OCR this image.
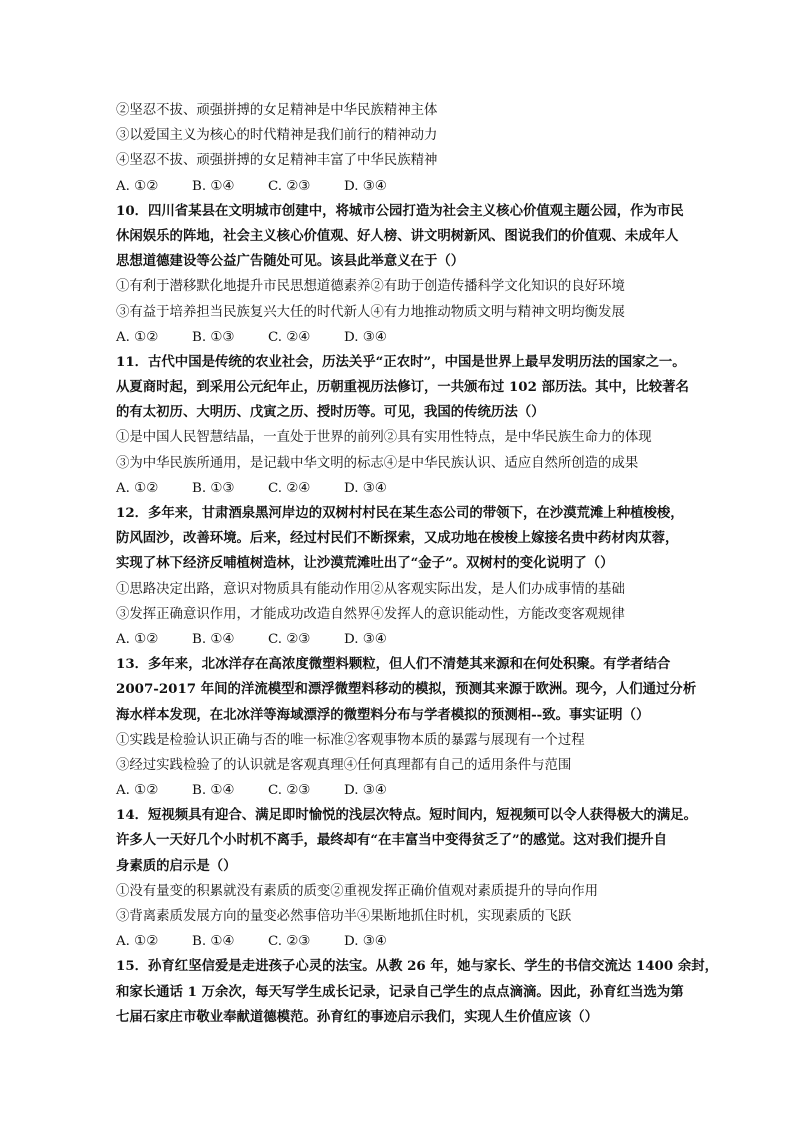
②坚忍不拔、顽强拼搏的女足精神是中华民族精神主体
③以爱国主义为核心的时代精神是我们前行的精神动力
④坚忍不拔、顽强拼搏的女足精神丰富了中华民族精神
A. ①②	B. ①④	C. ②③	D. ③④
10．四川省某县在文明城市创建中，将城市公园打造为社会主义核心价值观主题公园，作为市民
休闲娱乐的阵地，社会主义核心价值观、好人榜、讲文明树新风、图说我们的价值观、未成年人
思想道德建设等公益广告随处可见。该县此举意义在于（）
①有利于潜移默化地提升市民思想道德素养②有助于创造传播科学文化知识的良好环境
③有益于培养担当民族复兴大任的时代新人④有力地推动物质文明与精神文明均衡发展
A. ①②	B. ①③	C. ②④	D. ③④
11．古代中国是传统的农业社会，历法关乎“正农时”，中国是世界上最早发明历法的国家之一。
从夏商时起，到采用公元纪年止，历朝重视历法修订，一共颁布过 102 部历法。其中，比较著名
的有太初历、大明历、戊寅之历、授时历等。可见，我国的传统历法（）
①是中国人民智慧结晶，一直处于世界的前列②具有实用性特点，是中华民族生命力的体现
③为中华民族所通用，是记载中华文明的标志④是中华民族认识、适应自然所创造的成果
A. ①②	B. ①③	C. ②④	D. ③④
12．多年来，甘肃酒泉黑河岸边的双树村村民在某生态公司的带领下，在沙漠荒滩上种植梭梭，
防风固沙，改善环境。后来，经过村民们不断探索，又成功地在梭梭上嫁接名贵中药材肉苁蓉，
实现了林下经济反哺植树造林，让沙漠荒滩吐出了“金子”。双树村的变化说明了（）
①思路决定出路，意识对物质具有能动作用②从客观实际出发，是人们办成事情的基础
③发挥正确意识作用，才能成功改造自然界④发挥人的意识能动性，方能改变客观规律
A. ①②	B. ①④	C. ②③	D. ③④
13．多年来，北冰洋存在高浓度微塑料颗粒，但人们不清楚其来源和在何处积聚。有学者结合
2007-2017 年间的洋流模型和漂浮微塑料移动的模拟，预测其来源于欧洲。现今，人们通过分析
海水样本发现，在北冰洋等海域漂浮的微塑料分布与学者模拟的预测相--致。事实证明（）
①实践是检验认识正确与否的唯一标准②客观事物本质的暴露与展现有一个过程
③经过实践检验了的认识就是客观真理④任何真理都有自己的适用条件与范围
A. ①②	B. ①④	C. ②③	D. ③④
14．短视频具有迎合、满足即时愉悦的浅层次特点。短时间内，短视频可以令人获得极大的满足。
许多人一天好几个小时机不离手，最终却有“在丰富当中变得贫乏了”的感觉。这对我们提升自
身素质的启示是（）
①没有量变的积累就没有素质的质变②重视发挥正确价值观对素质提升的导向作用
③背离素质发展方向的量变必然事倍功半④果断地抓住时机，实现素质的飞跃
A. ①②	B. ①④	C. ②③	D. ③④
15．孙育红坚信爱是走进孩子心灵的法宝。从教 26 年，她与家长、学生的书信交流达 1400 余封，
和家长通话 1 万余次，每天写学生成长记录，记录自己学生的点点滴滴。因此，孙育红当选为第
七届石家庄市敬业奉献道德模范。孙育红的事迹启示我们，实现人生价值应该（）
